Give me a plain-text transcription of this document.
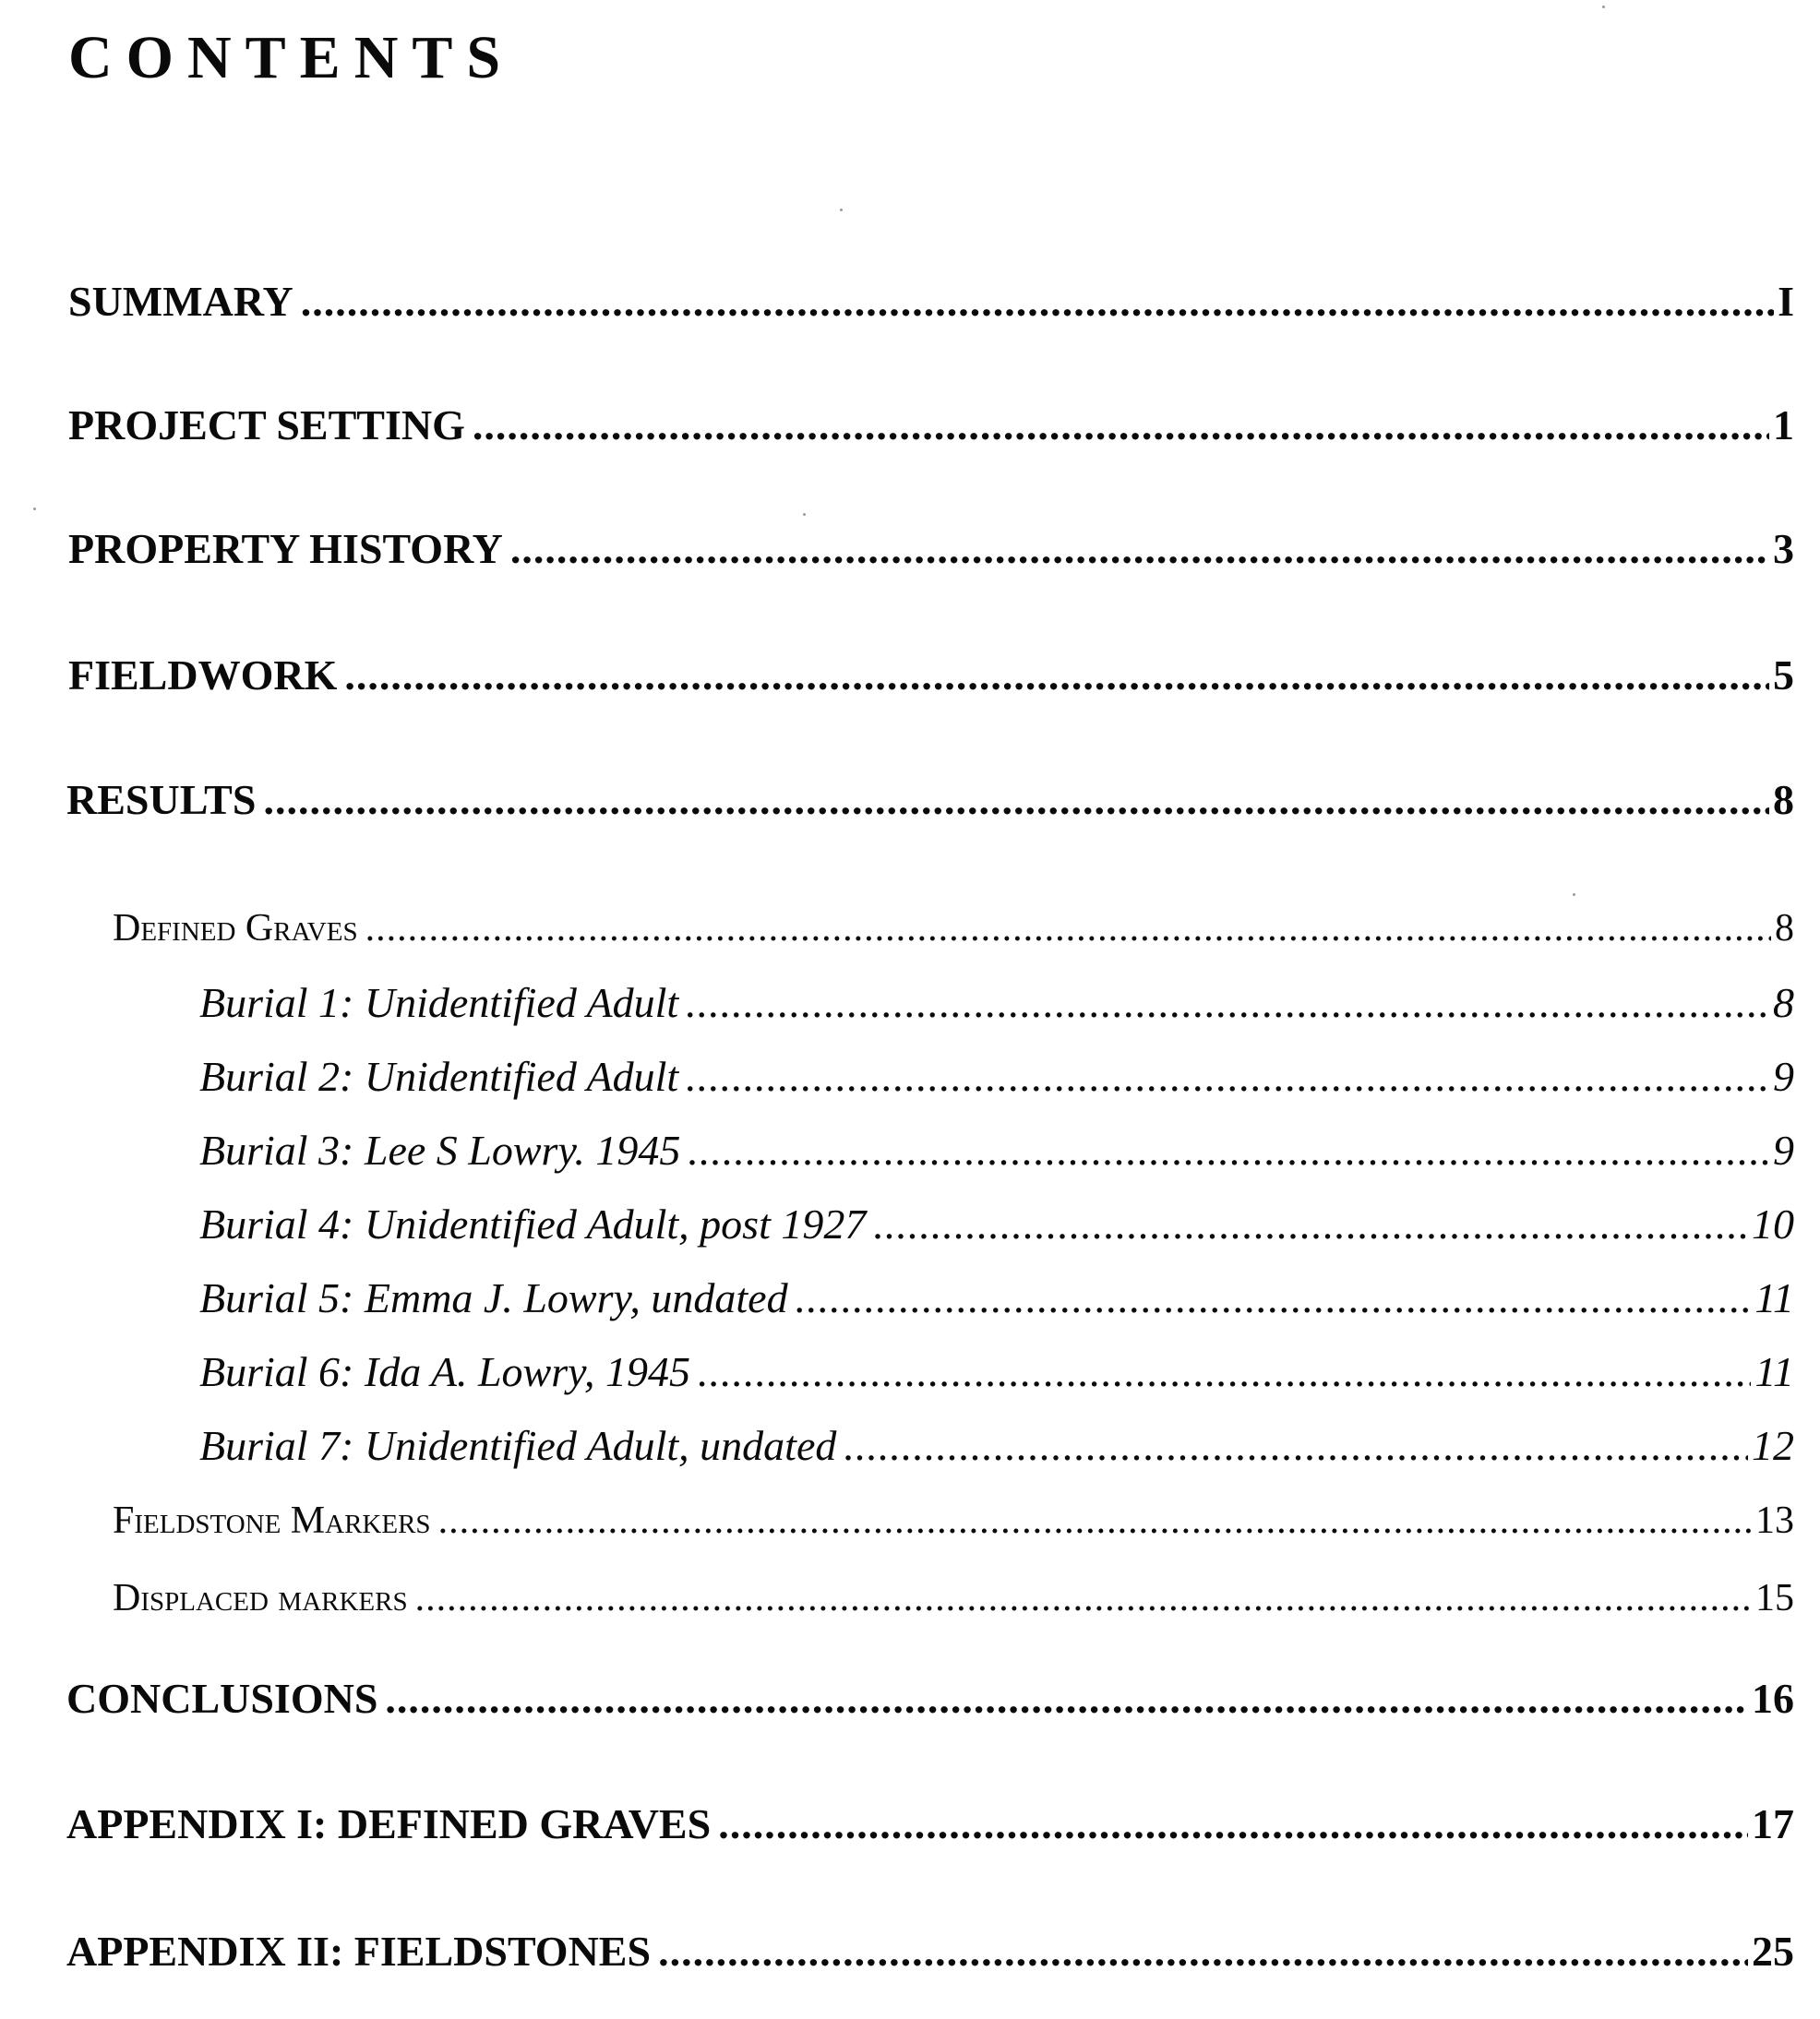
CONTENTS
SUMMARY .....	I
PROJECT SETTING .....	1
PROPERTY HISTORY .....	3
FIELDWORK .....	5
RESULTS .....	8
Defined Graves .....	8
Burial 1: Unidentified Adult .....	8
Burial 2: Unidentified Adult .....	9
Burial 3: Lee S Lowry. 1945 .....	9
Burial 4: Unidentified Adult, post 1927 .....	10
Burial 5: Emma J. Lowry, undated .....	11
Burial 6: Ida A. Lowry, 1945 .....	11
Burial 7: Unidentified Adult, undated .....	12
Fieldstone Markers .....	13
Displaced markers .....	15
CONCLUSIONS .....	16
APPENDIX I: DEFINED GRAVES .....	17
APPENDIX II: FIELDSTONES .....	25
